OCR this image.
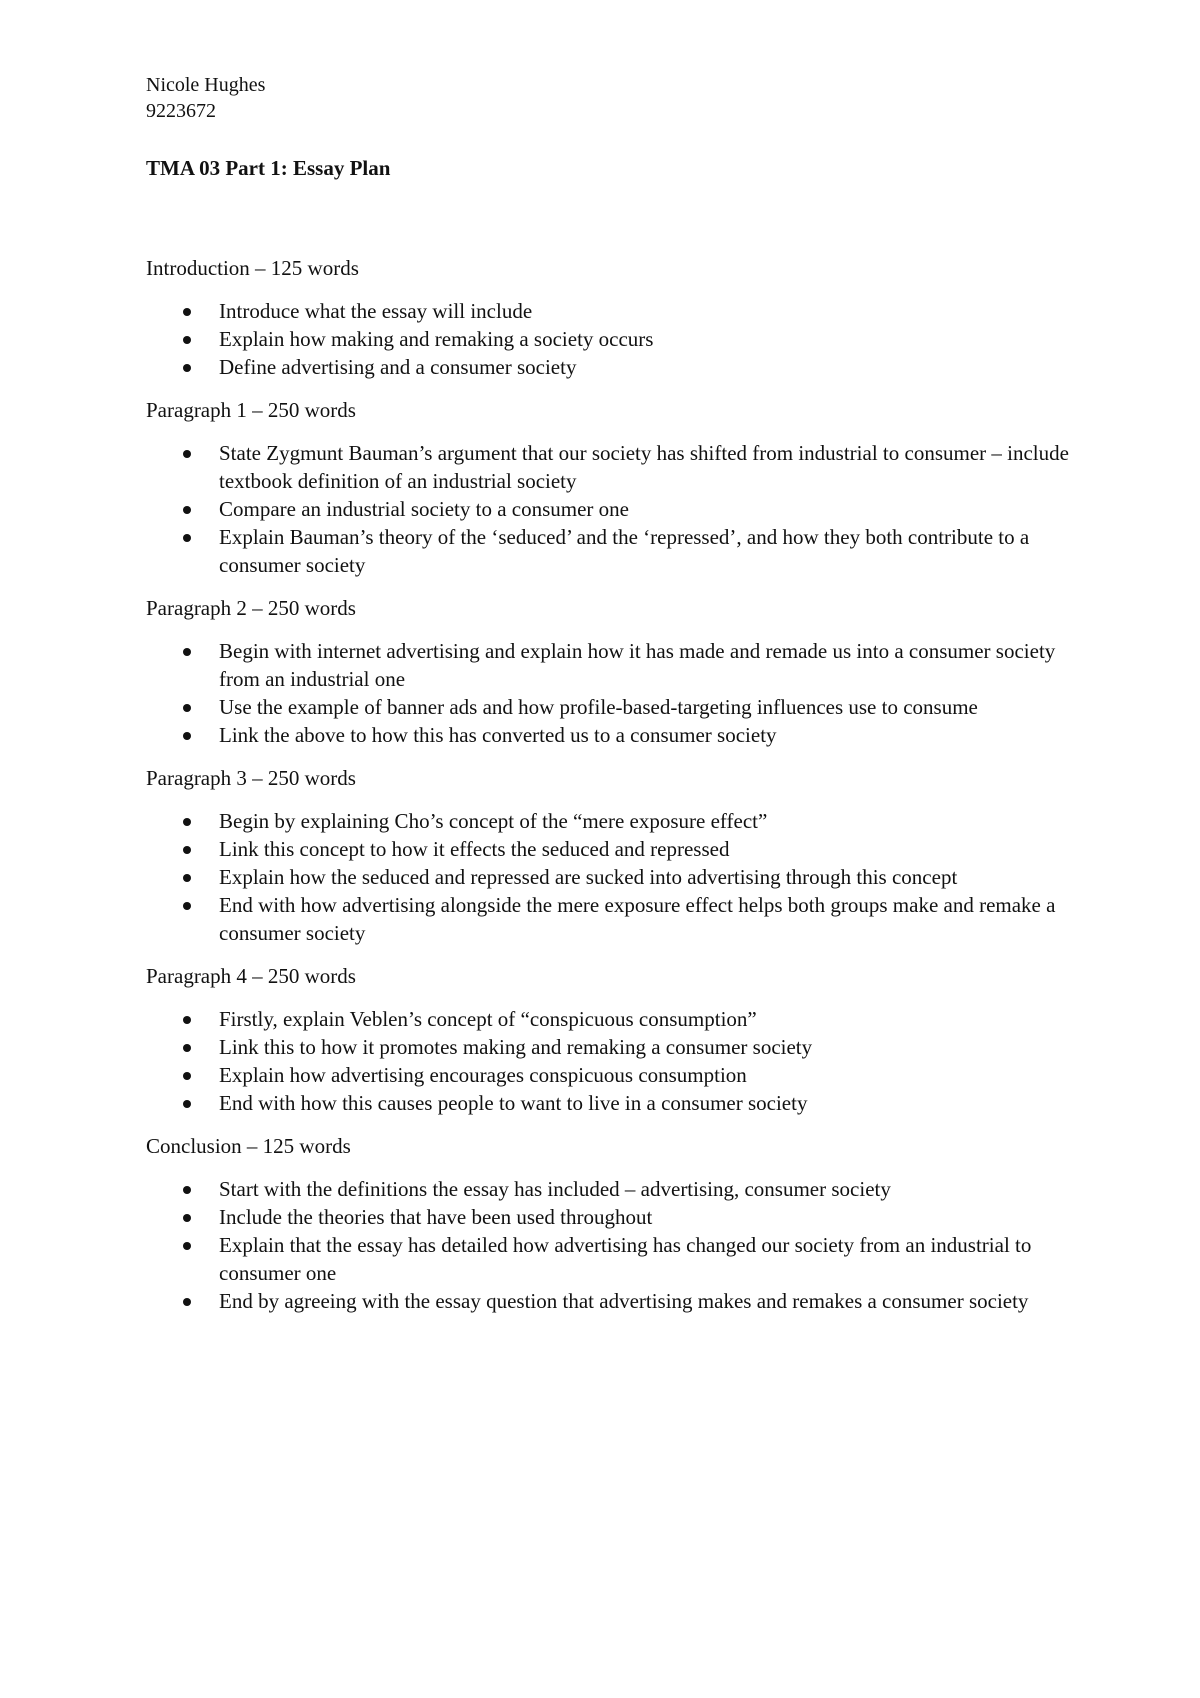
Nicole Hughes

9223672

TMA 03 Part 1: Essay Plan

Introduction – 125 words

Introduce what the essay will include
Explain how making and remaking a society occurs
Define advertising and a consumer society

Paragraph 1 – 250 words

State Zygmunt Bauman’s argument that our society has shifted from industrial to consumer – include textbook definition of an industrial society
Compare an industrial society to a consumer one
Explain Bauman’s theory of the ‘seduced’ and the ‘repressed’, and how they both contribute to a consumer society

Paragraph 2 – 250 words

Begin with internet advertising and explain how it has made and remade us into a consumer society from an industrial one
Use the example of banner ads and how profile-based-targeting influences use to consume
Link the above to how this has converted us to a consumer society

Paragraph 3 – 250 words

Begin by explaining Cho’s concept of the “mere exposure effect”
Link this concept to how it effects the seduced and repressed
Explain how the seduced and repressed are sucked into advertising through this concept
End with how advertising alongside the mere exposure effect helps both groups make and remake a consumer society

Paragraph 4 – 250 words

Firstly, explain Veblen’s concept of “conspicuous consumption”
Link this to how it promotes making and remaking a consumer society
Explain how advertising encourages conspicuous consumption
End with how this causes people to want to live in a consumer society

Conclusion – 125 words

Start with the definitions the essay has included – advertising, consumer society
Include the theories that have been used throughout
Explain that the essay has detailed how advertising has changed our society from an industrial to consumer one
End by agreeing with the essay question that advertising makes and remakes a consumer society
